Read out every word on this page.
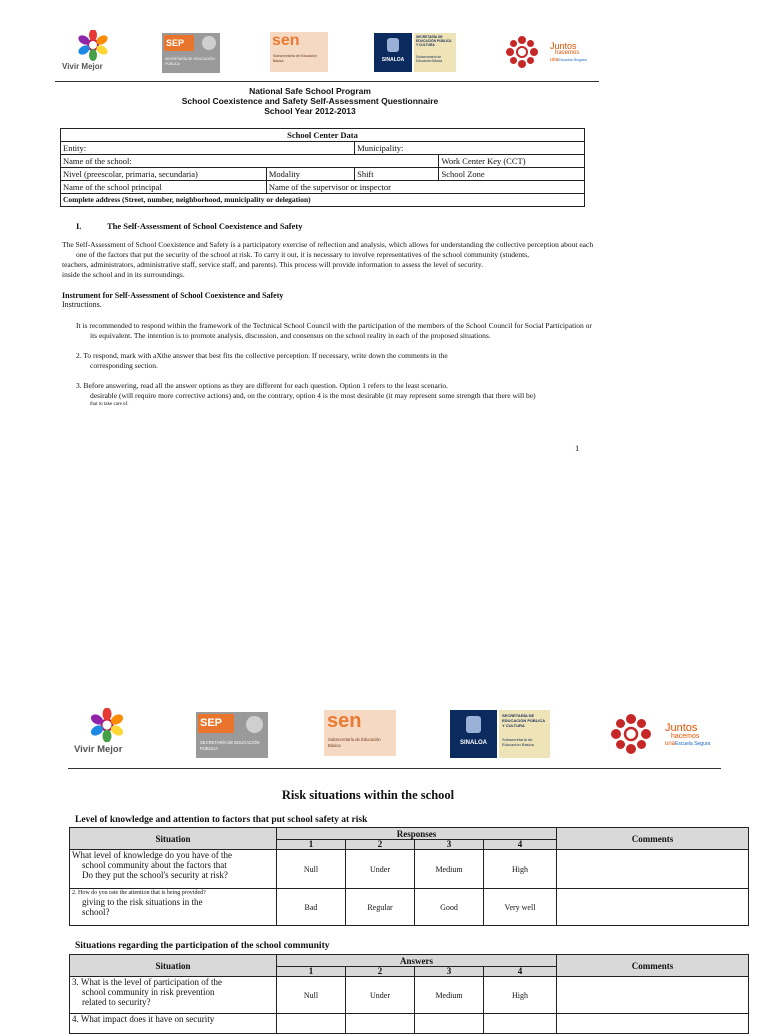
Vivir Mejor
SEP
SECRETARÍA DE EDUCACIÓN PÚBLICA
sen
Subsecretaría de Educación Básica	SINALOA
SECRETARÍA DE EDUCACIÓN PÚBLICA Y CULTURA
Subsecretaría de Educación Básica
Juntos
hacemos
unaEscuela Segura
National Safe School Program
School Coexistence and Safety Self-Assessment Questionnaire
School Year 2012-2013
School Center Data			
Entity:		Municipality:	
Name of the school:			Work Center Key (CCT)
Nivel (preescolar, primaria, secundaria)	Modality	Shift	School Zone
Name of the school principal	Name of the supervisor or inspector		
Complete address (Street, number, neighborhood, municipality or delegation)			
I.	The Self-Assessment of School Coexistence and Safety
The Self-Assessment of School Coexistence and Safety is a participatory exercise of reflection and analysis, which allows for understanding the collective perception about each
one of the factors that put the security of the school at risk. To carry it out, it is necessary to involve representatives of the school community (students,
teachers, administrators, administrative staff, service staff, and parents). This process will provide information to assess the level of security.
inside the school and in its surroundings.
Instrument for Self-Assessment of School Coexistence and Safety
Instructions.
It is recommended to respond within the framework of the Technical School Council with the participation of the members of the School Council for Social Participation or
its equivalent. The intention is to promote analysis, discussion, and consensus on the school reality in each of the proposed situations.
2. To respond, mark with aXthe answer that best fits the collective perception. If necessary, write down the comments in the
corresponding section.
3. Before answering, read all the answer options as they are different for each question. Option 1 refers to the least scenario.
desirable (will require more corrective actions) and, on the contrary, option 4 is the most desirable (it may represent some strength that there will be)
that to take care of.
1
Vivir Mejor
SEP
SECRETARÍA DE EDUCACIÓN PÚBLICA
sen
Subsecretaría de Educación Básica	SINALOA
SECRETARÍA DE EDUCACIÓN PÚBLICA Y CULTURA
Subsecretaría de Educación Básica
Juntos
hacemos
unaEscuela Segura
Risk situations within the school
Level of knowledge and attention to factors that put school safety at risk
Situation	Responses				Comments
	1	2	3	4	

What level of knowledge do you have of the
school community about the factors that
Do they put the school's security at risk?	Null	Under	Medium	High	

2. How do you rate the attention that is being provided?
giving to the risk situations in the
school?	Bad	Regular	Good	Very well	
Situations regarding the participation of the school community
Situation	Answers				Comments
	1	2	3	4	

3. What is the level of participation of the
school community in risk prevention
related to security?	Null	Under	Medium	High	

4. What impact does it have on security					
